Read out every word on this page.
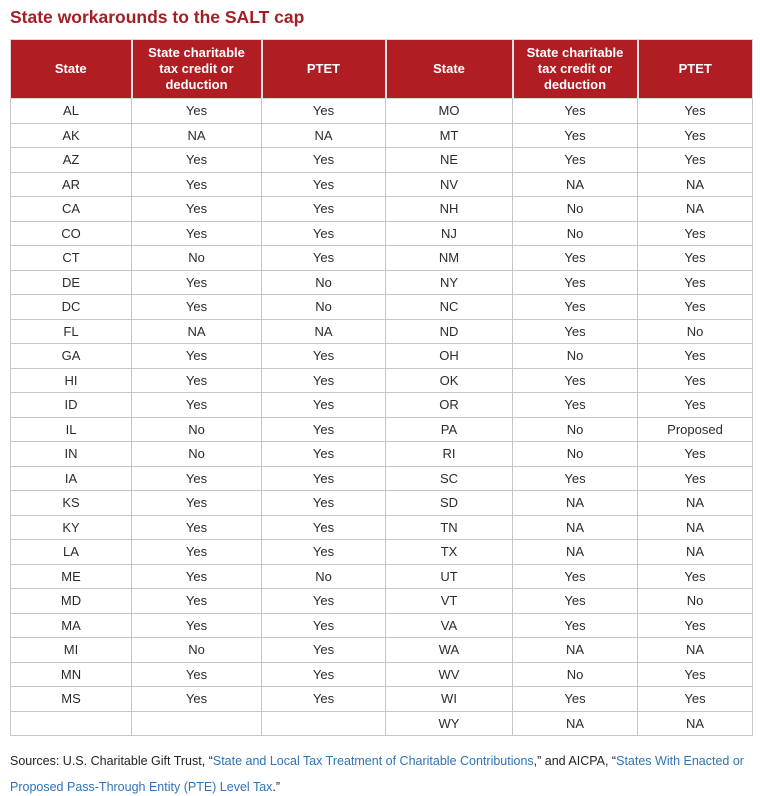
State workarounds to the SALT cap
State	State charitable tax credit or deduction	PTET	State	State charitable tax credit or deduction	PTET
AL	Yes	Yes	MO	Yes	Yes
AK	NA	NA	MT	Yes	Yes
AZ	Yes	Yes	NE	Yes	Yes
AR	Yes	Yes	NV	NA	NA
CA	Yes	Yes	NH	No	NA
CO	Yes	Yes	NJ	No	Yes
CT	No	Yes	NM	Yes	Yes
DE	Yes	No	NY	Yes	Yes
DC	Yes	No	NC	Yes	Yes
FL	NA	NA	ND	Yes	No
GA	Yes	Yes	OH	No	Yes
HI	Yes	Yes	OK	Yes	Yes
ID	Yes	Yes	OR	Yes	Yes
IL	No	Yes	PA	No	Proposed
IN	No	Yes	RI	No	Yes
IA	Yes	Yes	SC	Yes	Yes
KS	Yes	Yes	SD	NA	NA
KY	Yes	Yes	TN	NA	NA
LA	Yes	Yes	TX	NA	NA
ME	Yes	No	UT	Yes	Yes
MD	Yes	Yes	VT	Yes	No
MA	Yes	Yes	VA	Yes	Yes
MI	No	Yes	WA	NA	NA
MN	Yes	Yes	WV	No	Yes
MS	Yes	Yes	WI	Yes	Yes
			WY	NA	NA

Sources: U.S. Charitable Gift Trust, “State and Local Tax Treatment of Charitable Contributions,” and AICPA, “States With Enacted or Proposed Pass-Through Entity (PTE) Level Tax.”
